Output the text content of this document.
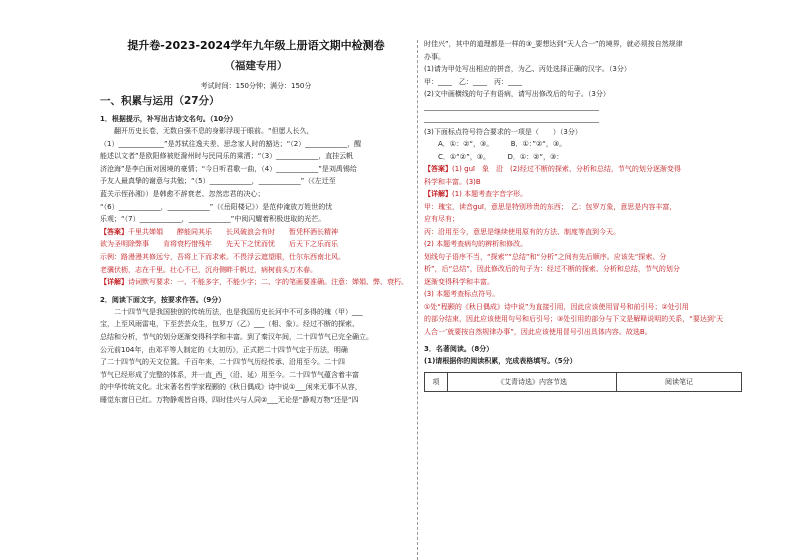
提升卷-2023-2024学年九年级上册语文期中检测卷
（福建专用）
考试时间：150分钟；满分：150分
一、积累与运用（27分）
1．根据提示，补写出古诗文名句。（10分）

翻开历史长卷，无数自强不息的身影浮现于眼前。“但愿人长久，

（1）_____________”是苏轼往逸夫差、思念家人时的豁达；“（2）____________，醒

能述以文者”是欧阳修被贬滁州时与民同乐的乘洒；“（3）____________，直挂云帆

济沧海”是李白面对困境的豪情；“今日听君歌一曲，（4）____________”是刘禹锡给

予友人最真挚的谢意与共勉；“（5）____________，____________”（《左迁至

蓝关示侄孙湘》）是韩愈不辞衰老、忽然忠君的决心；

“（6）____________，____________”（《岳阳楼记》）是范仲淹放万姓世的忧

乐观；“（7）____________，____________”中阅闪耀着积极进取的光芒。

【答案】千里共婵娟　　醉能同其乐　　长风破浪会有时　　暂凭杯酒长精神

欲为圣明除弊事　　肯将衰朽惜残年　　先天下之忧而忧　　后天下之乐而乐

示例：路漫漫其修远兮，吾将上下而求索。不畏浮云遮望眼，仕尔东西南北风。

老骥伏枥，志在千里。壮心不已，沉舟侧畔千帆过，病树前头万木春。

【详解】诗词默写要求：一、不能多字，不能少字；二、字的笔画要准确。注意：婵娟、弊、衰朽。

2．阅读下面文字，按要求作答。（9分）

二十四节气是我国独创的传统历法，也是我国历史长河中不可多得的瑰（甲）___

宝，上至风雨雷电，下至芸芸众生，包罗万（乙）___（相、象）。经过不断的探索、

总结和分析，节气的划分逐渐变得科学和丰富。到了秦汉年间，二十四节气已完全确立。

公元前104年，由邓平等人制定的《太初历》，正式把二十四节气定于历法，明确

了二十四节气的天文位置。千百年来，二十四节气历经传承、沿用至今。二十四

节气已经形成了完整的体系，并一直_西_（沿、延）用至今。二十四节气蕴含着丰富

的中华传统文化。北宋著名哲学家程颢的《秋日偶成》诗中说①___闲来无事不从容，

睡觉东窗日已红。万物静观皆自得，四时佳兴与人同②___无论是“静观万物”还是“四

时佳兴”，其中的道理都是一样的③_要想达到“天人合一”的境界，就必须按自然规律

办事。

(1)请为甲处写出相应的拼音，为乙、丙处选择正确的汉字。（3分）

甲：____　乙：____　丙：____

(2)文中画横线的句子有语病，请写出修改后的句子。（3分）

__________________________________________________

__________________________________________________

(3)下面标点符号符合要求的一项是（　　）（3分）

A．①：②“，③。　　　B．①：”②“，③。

C．①“②”，③。　　　D．①：②“，③：

【答案】(1) guī　象　沿　(2)经过不断的探索、分析和总结，节气的划分逐渐变得

科学和丰富。(3)B

【详解】(1) 本题考查字音字形。

甲：瑰宝，读音guī，意思是特别珍贵的东西；　乙：包罗万象，意思是内容丰富，

应有尽有；

丙：沿用至今，意思是继续使用原有的方法、制度等直到今天。

(2) 本题考查病句的辨析和修改。

划线句子语序不当，“探索”“总结”和“分析”之间有先后顺序。应该先“探索、分

析”，后“总结”，因此修改后的句子为：经过不断的探索、分析和总结，节气的划分

逐渐变得科学和丰富。

(3) 本题考查标点符号。

①处“程颢的《秋日偶成》诗中说”为直接引用，因此应该使用冒号和前引号；②处引用

的部分结束，因此应该使用句号和后引号；③处引用的部分与下文是解释说明的关系，“要达到‘天

人合一’就要按自然规律办事”，因此应该使用冒号引出具体内容。故选B。

3．名著阅读。（8分）

(1)请根据你的阅读积累，完成表格填写。（5分）

项	《艾青诗选》内容节选	阅读笔记
